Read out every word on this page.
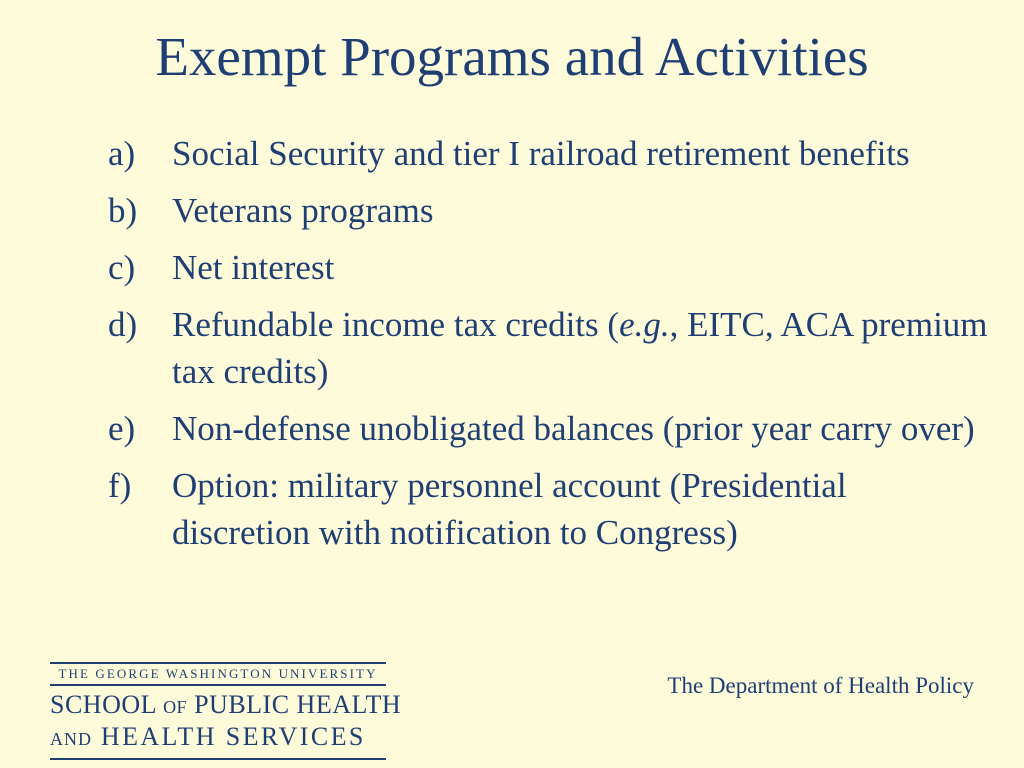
Exempt Programs and Activities
a) Social Security and tier I railroad retirement benefits
b) Veterans programs
c) Net interest
d) Refundable income tax credits (e.g., EITC, ACA premium tax credits)
e) Non-defense unobligated balances (prior year carry over)
f) Option: military personnel account (Presidential discretion with notification to Congress)
THE GEORGE WASHINGTON UNIVERSITY
SCHOOL OF PUBLIC HEALTH
AND HEALTH SERVICES
The Department of Health Policy
